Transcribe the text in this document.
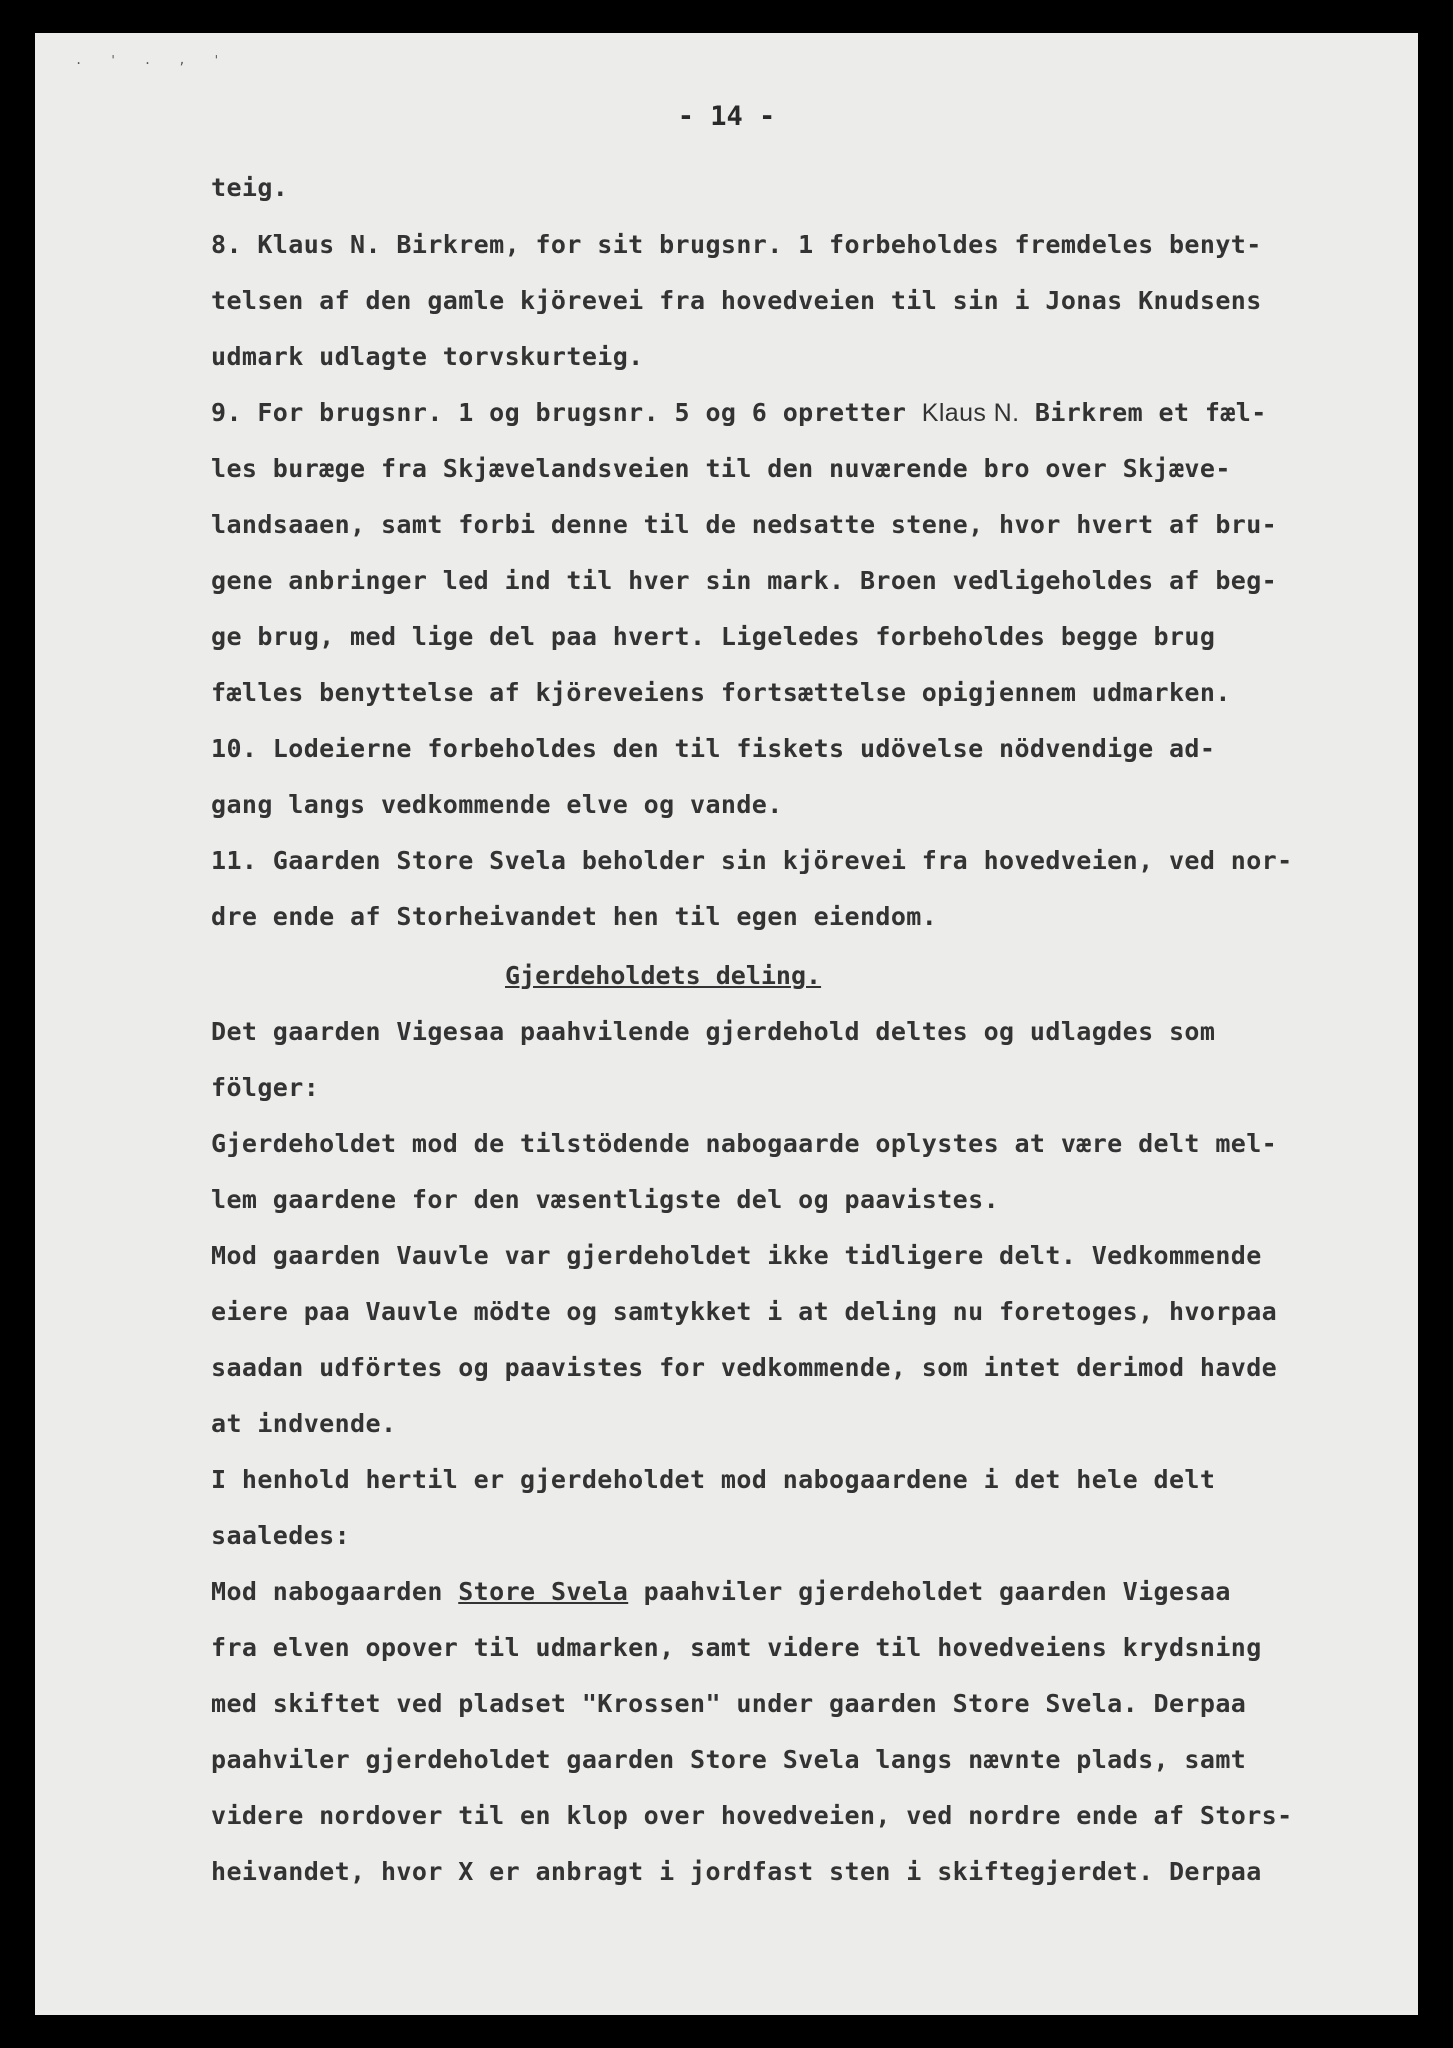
. ' . , '
- 14 -
teig.
8. Klaus N. Birkrem, for sit brugsnr. 1 forbeholdes fremdeles benyt-
telsen af den gamle kjörevei fra hovedveien til sin i Jonas Knudsens
udmark udlagte torvskurteig.
9. For brugsnr. 1 og brugsnr. 5 og 6 opretter Klaus N. Birkrem et fæl-
les buræge fra Skjævelandsveien til den nuværende bro over Skjæve-
landsaaen, samt forbi denne til de nedsatte stene, hvor hvert af bru-
gene anbringer led ind til hver sin mark. Broen vedligeholdes af beg-
ge brug, med lige del paa hvert. Ligeledes forbeholdes begge brug
fælles benyttelse af kjöreveiens fortsættelse opigjennem udmarken.
10. Lodeierne forbeholdes den til fiskets udövelse nödvendige ad-
gang langs vedkommende elve og vande.
11. Gaarden Store Svela beholder sin kjörevei fra hovedveien, ved nor-
dre ende af Storheivandet hen til egen eiendom.
Gjerdeholdets deling.
Det gaarden Vigesaa paahvilende gjerdehold deltes og udlagdes som
fölger:
Gjerdeholdet mod de tilstödende nabogaarde oplystes at være delt mel-
lem gaardene for den væsentligste del og paavistes.
Mod gaarden Vauvle var gjerdeholdet ikke tidligere delt. Vedkommende
eiere paa Vauvle mödte og samtykket i at deling nu foretoges, hvorpaa
saadan udförtes og paavistes for vedkommende, som intet derimod havde
at indvende.
I henhold hertil er gjerdeholdet mod nabogaardene i det hele delt
saaledes:
Mod nabogaarden Store Svela paahviler gjerdeholdet gaarden Vigesaa
fra elven opover til udmarken, samt videre til hovedveiens krydsning
med skiftet ved pladset "Krossen" under gaarden Store Svela. Derpaa
paahviler gjerdeholdet gaarden Store Svela langs nævnte plads, samt
videre nordover til en klop over hovedveien, ved nordre ende af Stors-
heivandet, hvor X er anbragt i jordfast sten i skiftegjerdet. Derpaa
